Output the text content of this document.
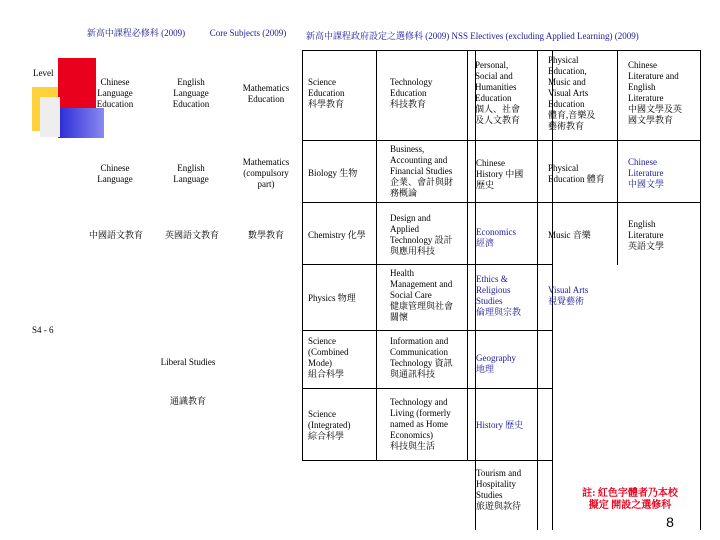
新高中課程必修科 (2009)	Core Subjects (2009)	新高中課程政府設定之選修科 (2009) NSS Electives (excluding Applied Learning) (2009)
Level
S4 - 6
Chinese
Language
Education
Chinese
Language
中國語文教育
English
Language
Education
English
Language
英國語文教育
Mathematics
Education
Mathematics
(compulsory
part)
數學教育
Liberal Studies
通識教育
Science
Education
科學教育
Technology
Education
科技教育
Personal,
Social and
Humanities
Education
個人、社會
及人文教育
Physical
Education,
Music and
Visual Arts
Education
體育,音樂及
藝術教育
Chinese
Literature and
English
Literature
中國文學及英
國文學教育
Biology 生物
Chemistry 化學
Physics 物理
Science
(Combined
Mode)
組合科學
Science
(Integrated)
綜合科學
Business,
Accounting and
Financial Studies
企業、會計與財
務概論
Design and
Applied
Technology 設計
與應用科技
Health
Management and
Social Care
健康管理與社會
關懷
Information and
Communication
Technology 資訊
與通訊科技
Technology and
Living (formerly
named as Home
Economics)
科技與生活
Chinese
History 中國
歷史
Economics
經濟
Ethics &
Religious
Studies
倫理與宗教
Geography
地理
History 歷史
Tourism and
Hospitality
Studies
旅遊與款待
Physical
Education 體育
Music 音樂
Visual Arts
視覺藝術
Chinese
Literature
中國文學
English
Literature
英語文學
註: 紅色字體者乃本校
擬定 開設之選修科
8
